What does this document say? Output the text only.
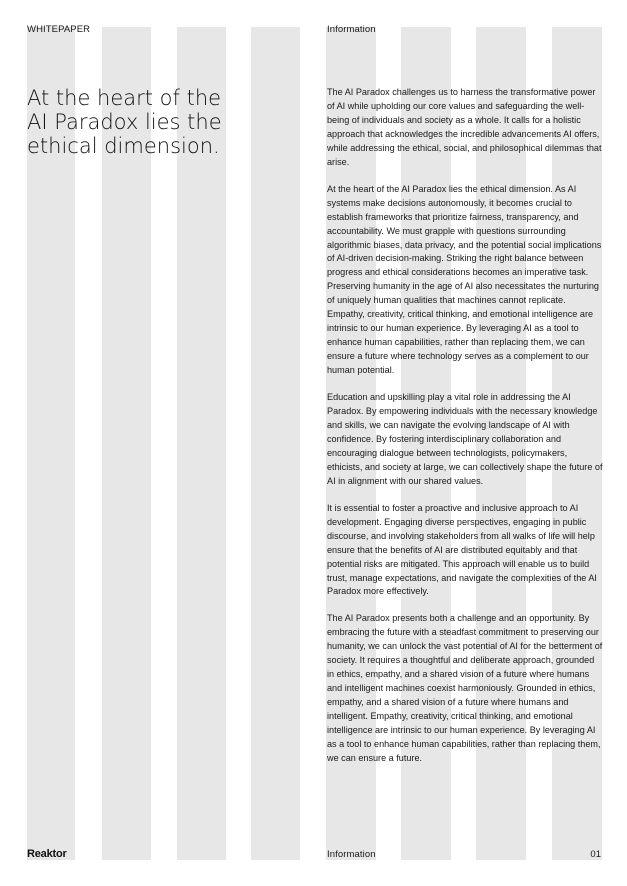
WHITEPAPER	Information
At the heart of the AI Paradox lies the ethical dimension.

The AI Paradox challenges us to harness the transformative power of AI while upholding our core values and safeguarding the well-being of individuals and society as a whole. It calls for a holistic approach that acknowledges the incredible advancements AI offers, while addressing the ethical, social, and philosophical dilemmas that arise.

At the heart of the AI Paradox lies the ethical dimension. As AI systems make decisions autonomously, it becomes crucial to establish frameworks that prioritize fairness, transparency, and accountability. We must grapple with questions surrounding algorithmic biases, data privacy, and the potential social implications of AI-driven decision-making. Striking the right balance between progress and ethical considerations becomes an imperative task. Preserving humanity in the age of AI also necessitates the nurturing of uniquely human qualities that machines cannot replicate. Empathy, creativity, critical thinking, and emotional intelligence are intrinsic to our human experience. By leveraging AI as a tool to enhance human capabilities, rather than replacing them, we can ensure a future where technology serves as a complement to our human potential.

Education and upskilling play a vital role in addressing the AI Paradox. By empowering individuals with the necessary knowledge and skills, we can navigate the evolving landscape of AI with confidence. By fostering interdisciplinary collaboration and encouraging dialogue between technologists, policymakers, ethicists, and society at large, we can collectively shape the future of AI in alignment with our shared values.

It is essential to foster a proactive and inclusive approach to AI development. Engaging diverse perspectives, engaging in public discourse, and involving stakeholders from all walks of life will help ensure that the benefits of AI are distributed equitably and that potential risks are mitigated. This approach will enable us to build trust, manage expectations, and navigate the complexities of the AI Paradox more effectively.

The AI Paradox presents both a challenge and an opportunity. By embracing the future with a steadfast commitment to preserving our humanity, we can unlock the vast potential of AI for the betterment of society. It requires a thoughtful and deliberate approach, grounded in ethics, empathy, and a shared vision of a future where humans and intelligent machines coexist harmoniously. Grounded in ethics, empathy, and a shared vision of a future where humans and intelligent. Empathy, creativity, critical thinking, and emotional intelligence are intrinsic to our human experience. By leveraging AI as a tool to enhance human capabilities, rather than replacing them, we can ensure a future.

Reaktor	Information	01
